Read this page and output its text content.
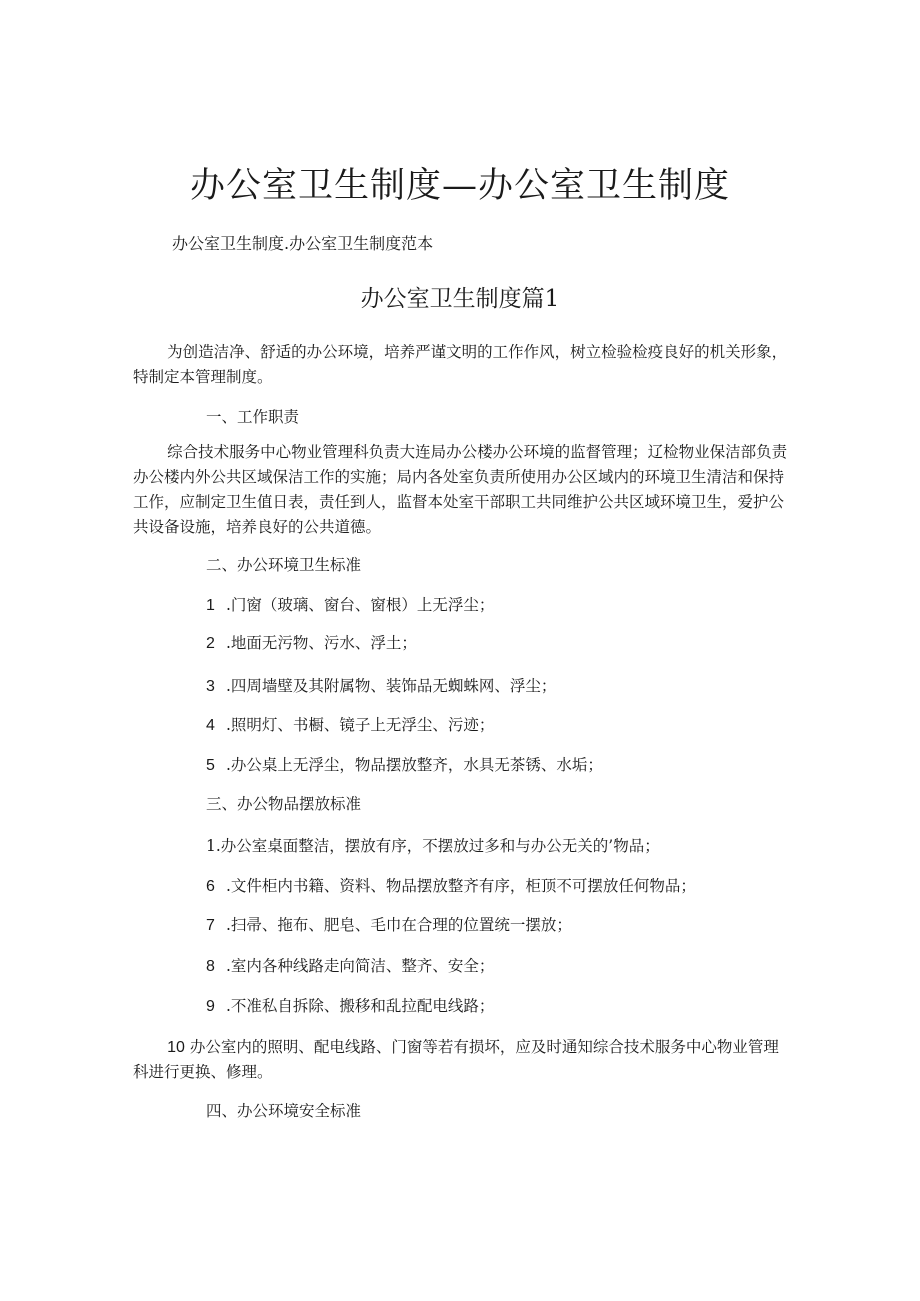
办公室卫生制度—办公室卫生制度

办公室卫生制度.办公室卫生制度范本

办公室卫生制度篇1

为创造洁净、舒适的办公环境，培养严谨文明的工作作风，树立检验检疫良好的机关形象，特制定本管理制度。

一、工作职责

综合技术服务中心物业管理科负责大连局办公楼办公环境的监督管理；辽检物业保洁部负责办公楼内外公共区域保洁工作的实施；局内各处室负责所使用办公区域内的环境卫生清洁和保持工作，应制定卫生值日表，责任到人，监督本处室干部职工共同维护公共区域环境卫生，爱护公共设备设施，培养良好的公共道德。

二、办公环境卫生标准

1 .门窗（玻璃、窗台、窗根）上无浮尘；

2 .地面无污物、污水、浮土；

3 .四周墙壁及其附属物、装饰品无蜘蛛网、浮尘；

4 .照明灯、书橱、镜子上无浮尘、污迹；

5 .办公桌上无浮尘，物品摆放整齐，水具无茶锈、水垢；

三、办公物品摆放标准

1.办公室桌面整洁，摆放有序，不摆放过多和与办公无关的’物品；

6 .文件柜内书籍、资料、物品摆放整齐有序，柜顶不可摆放任何物品；

7 .扫帚、拖布、肥皂、毛巾在合理的位置统一摆放；

8 .室内各种线路走向简洁、整齐、安全；

9 .不准私自拆除、搬移和乱拉配电线路；

10 办公室内的照明、配电线路、门窗等若有损坏，应及时通知综合技术服务中心物业管理科进行更换、修理。

四、办公环境安全标准
